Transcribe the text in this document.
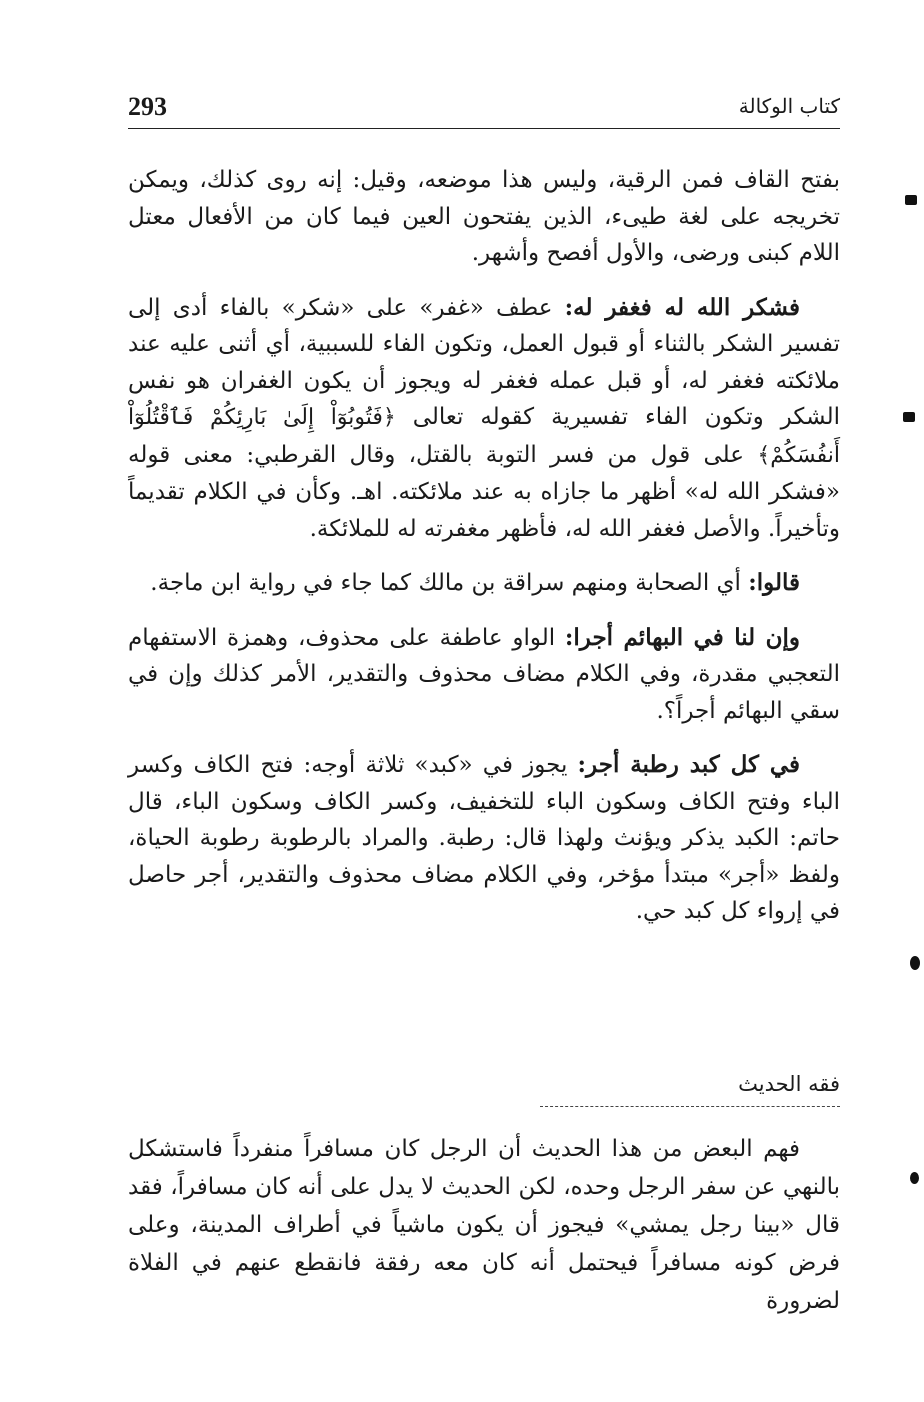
293	كتاب الوكالة

بفتح القاف فمن الرقية، وليس هذا موضعه، وقيل: إنه روى كذلك، ويمكن تخريجه على لغة طيىء، الذين يفتحون العين فيما كان من الأفعال معتل اللام كبنى ورضى، والأول أفصح وأشهر.

فشكر الله له فغفر له: عطف «غفر» على «شكر» بالفاء أدى إلى تفسير الشكر بالثناء أو قبول العمل، وتكون الفاء للسببية، أي أثنى عليه عند ملائكته فغفر له، أو قبل عمله فغفر له ويجوز أن يكون الغفران هو نفس الشكر وتكون الفاء تفسيرية كقوله تعالى ﴿فَتُوبُوٓاْ إِلَىٰ بَارِئِكُمْ فَٱقْتُلُوٓاْ أَنفُسَكُمْ﴾ على قول من فسر التوبة بالقتل، وقال القرطبي: معنى قوله «فشكر الله له» أظهر ما جازاه به عند ملائكته. اهـ. وكأن في الكلام تقديماً وتأخيراً. والأصل فغفر الله له، فأظهر مغفرته له للملائكة.

قالوا: أي الصحابة ومنهم سراقة بن مالك كما جاء في رواية ابن ماجة.

وإن لنا في البهائم أجرا: الواو عاطفة على محذوف، وهمزة الاستفهام التعجبي مقدرة، وفي الكلام مضاف محذوف والتقدير، الأمر كذلك وإن في سقي البهائم أجراً؟.

في كل كبد رطبة أجر: يجوز في «كبد» ثلاثة أوجه: فتح الكاف وكسر الباء وفتح الكاف وسكون الباء للتخفيف، وكسر الكاف وسكون الباء، قال حاتم: الكبد يذكر ويؤنث ولهذا قال: رطبة. والمراد بالرطوبة رطوبة الحياة، ولفظ «أجر» مبتدأ مؤخر، وفي الكلام مضاف محذوف والتقدير، أجر حاصل في إرواء كل كبد حي.

فقه الحديث
فهم البعض من هذا الحديث أن الرجل كان مسافراً منفرداً فاستشكل بالنهي عن سفر الرجل وحده، لكن الحديث لا يدل على أنه كان مسافراً، فقد قال «بينا رجل يمشي» فيجوز أن يكون ماشياً في أطراف المدينة، وعلى فرض كونه مسافراً فيحتمل أنه كان معه رفقة فانقطع عنهم في الفلاة لضرورة
